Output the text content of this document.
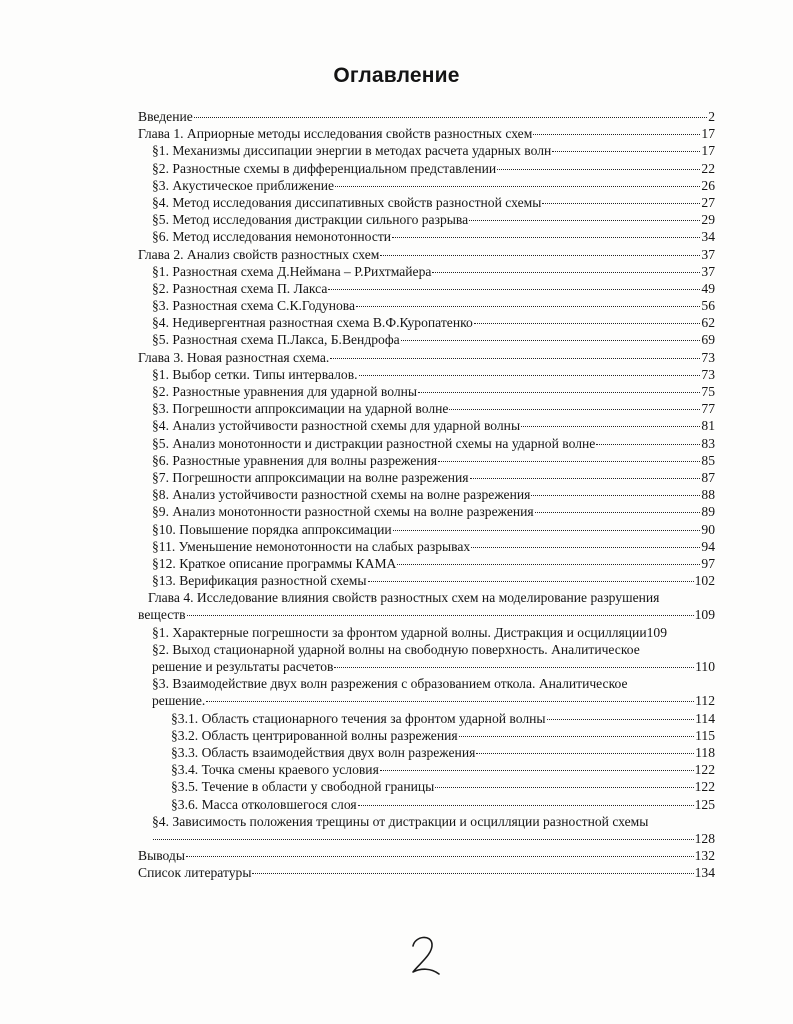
Оглавление
Введение	2
Глава 1. Априорные методы исследования свойств разностных схем	17
§1. Механизмы диссипации энергии в методах расчета ударных волн	17
§2. Разностные схемы в дифференциальном представлении	22
§3. Акустическое приближение	26
§4. Метод исследования диссипативных свойств разностной схемы	27
§5. Метод исследования дистракции сильного разрыва	29
§6. Метод исследования немонотонности	34
Глава 2. Анализ свойств разностных схем	37
§1. Разностная схема Д.Неймана – Р.Рихтмайера	37
§2. Разностная схема П. Лакса	49
§3. Разностная схема С.К.Годунова	56
§4. Недивергентная разностная схема В.Ф.Куропатенко	62
§5. Разностная схема П.Лакса, Б.Вендрофа	69
Глава 3. Новая разностная схема.	73
§1. Выбор сетки. Типы интервалов.	73
§2. Разностные уравнения для ударной волны	75
§3. Погрешности аппроксимации на ударной волне	77
§4. Анализ устойчивости разностной схемы для ударной волны	81
§5. Анализ монотонности и дистракции разностной схемы на ударной волне	83
§6. Разностные уравнения для волны разрежения	85
§7. Погрешности аппроксимации на волне разрежения	87
§8. Анализ устойчивости разностной схемы на волне разрежения	88
§9. Анализ монотонности разностной схемы на волне разрежения	89
§10. Повышение порядка аппроксимации	90
§11. Уменьшение немонотонности на слабых разрывах	94
§12. Краткое описание программы КАМА	97
§13. Верификация разностной схемы	102
Глава 4. Исследование влияния свойств разностных схем на моделирование разрушения
веществ	109
§1. Характерные погрешности за фронтом ударной волны. Дистракция и осцилляции 109
§2. Выход стационарной ударной волны на свободную поверхность. Аналитическое
решение и результаты расчетов	110
§3. Взаимодействие двух волн разрежения с образованием откола. Аналитическое
решение.	112
§3.1. Область стационарного течения за фронтом ударной волны	114
§3.2. Область центрированной волны разрежения	115
§3.3. Область взаимодействия двух волн разрежения	118
§3.4. Точка смены краевого условия	122
§3.5. Течение в области у свободной границы	122
§3.6. Масса отколовшегося слоя	125
§4. Зависимость положения трещины от дистракции и осцилляции разностной схемы
128
Выводы	132
Список литературы	134
